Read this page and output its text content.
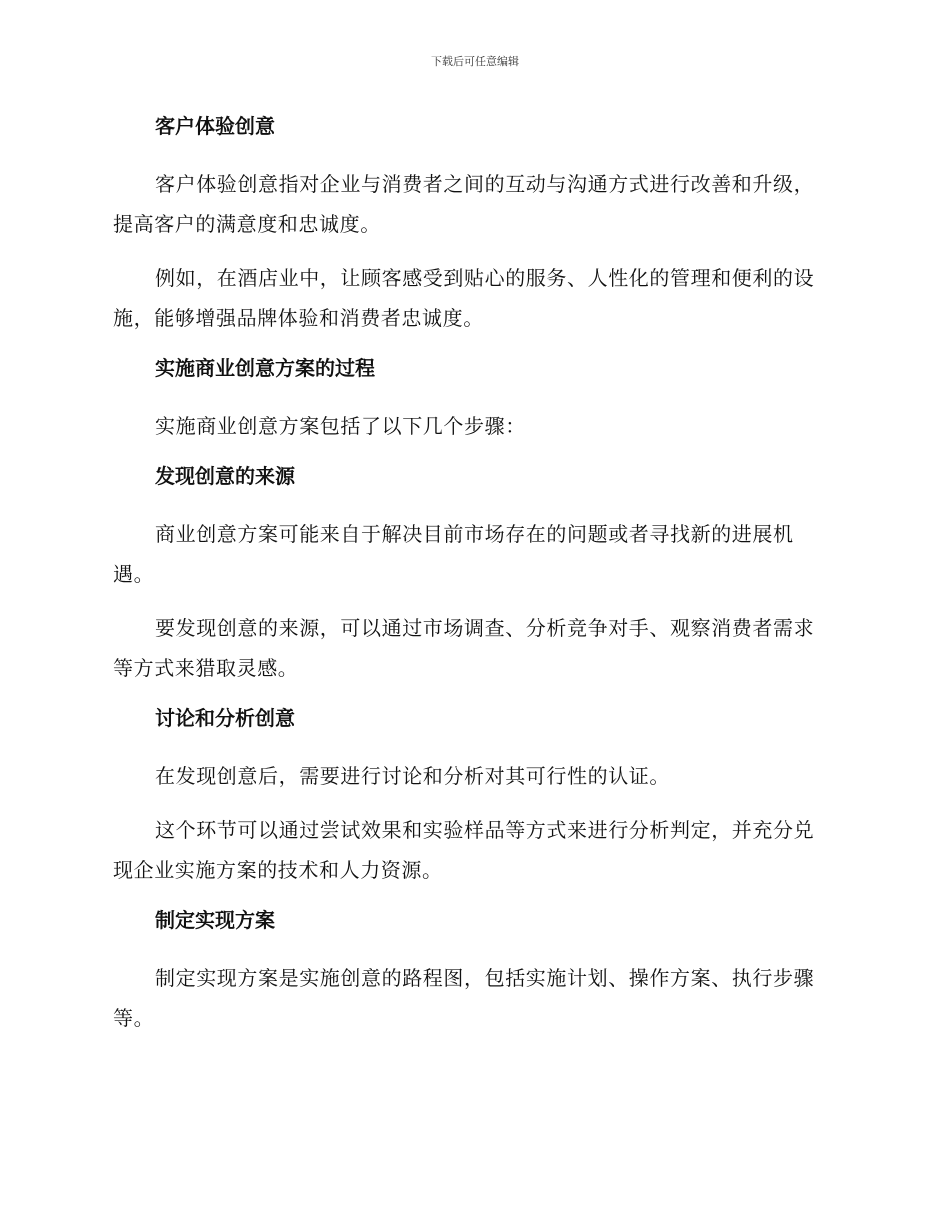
下载后可任意编辑
客户体验创意
客户体验创意指对企业与消费者之间的互动与沟通方式进行改善和升级，提高客户的满意度和忠诚度。
例如，在酒店业中，让顾客感受到贴心的服务、人性化的管理和便利的设施，能够增强品牌体验和消费者忠诚度。
实施商业创意方案的过程
实施商业创意方案包括了以下几个步骤：
发现创意的来源
商业创意方案可能来自于解决目前市场存在的问题或者寻找新的进展机遇。
要发现创意的来源，可以通过市场调查、分析竞争对手、观察消费者需求等方式来猎取灵感。
讨论和分析创意
在发现创意后，需要进行讨论和分析对其可行性的认证。
这个环节可以通过尝试效果和实验样品等方式来进行分析判定，并充分兑现企业实施方案的技术和人力资源。
制定实现方案
制定实现方案是实施创意的路程图，包括实施计划、操作方案、执行步骤等。
